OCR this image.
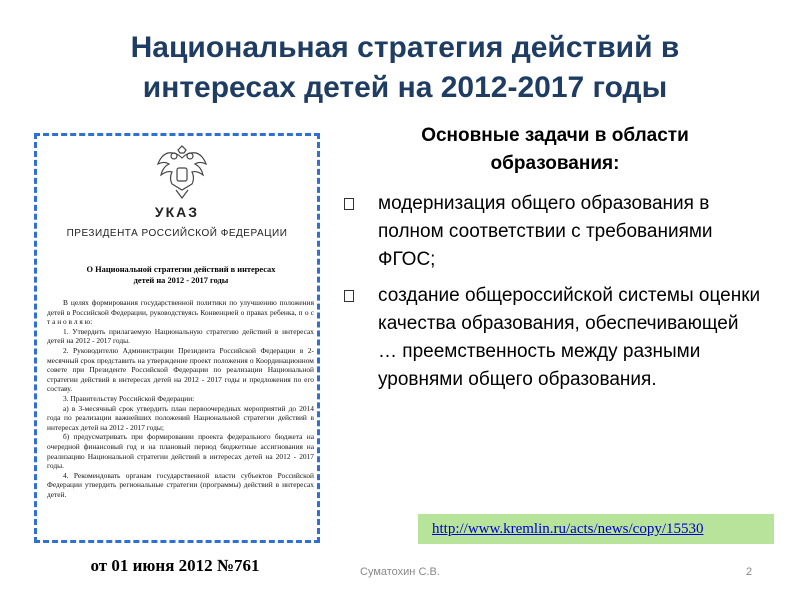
Национальная стратегия действий в интересах детей на 2012-2017 годы
УКАЗ
ПРЕЗИДЕНТА РОССИЙСКОЙ ФЕДЕРАЦИИ
О Национальной стратегии действий в интересах
детей на 2012 - 2017 годы

В целях формирования государственной политики по улучшению положения детей в Российской Федерации, руководствуясь Конвенцией о правах ребенка, п о с т а н о в л я ю:

1. Утвердить прилагаемую Национальную стратегию действий в интересах детей на 2012 - 2017 годы.

2. Руководителю Администрации Президента Российской Федерации в 2-месячный срок представить на утверждение проект положения о Координационном совете при Президенте Российской Федерации по реализации Национальной стратегии действий в интересах детей на 2012 - 2017 годы и предложения по его составу.

3. Правительству Российской Федерации:

а) в 3-месячный срок утвердить план первоочередных мероприятий до 2014 года по реализации важнейших положений Национальной стратегии действий в интересах детей на 2012 - 2017 годы;

б) предусматривать при формировании проекта федерального бюджета на очередной финансовый год и на плановый период бюджетные ассигнования на реализацию Национальной стратегии действий в интересах детей на 2012 - 2017 годы.

4. Рекомендовать органам государственной власти субъектов Российской Федерации утвердить региональные стратегии (программы) действий в интересах детей.

от 01 июня 2012 №761
Основные задачи в области образования:
модернизация общего образования в полном соответствии с требованиями ФГОС;
создание общероссийской системы оценки качества образования, обеспечивающей … преемственность между разными уровнями общего образования.
http://www.kremlin.ru/acts/news/copy/15530
Суматохин С.В.	2
